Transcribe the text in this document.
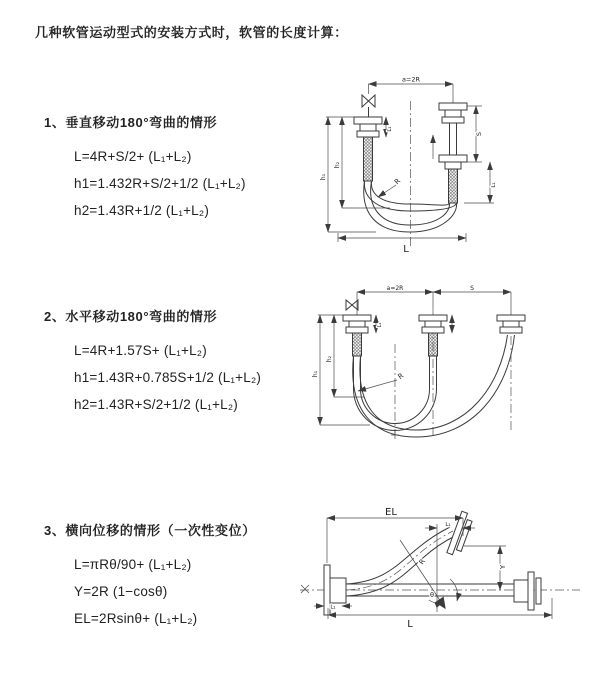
几种软管运动型式的安装方式时，软管的长度计算：
1、垂直移动180°弯曲的情形
L=4R+S/2+ (L₁+L₂)
h1=1.432R+S/2+1/2 (L₁+L₂)
h2=1.43R+1/2 (L₁+L₂)
2、水平移动180°弯曲的情形
L=4R+1.57S+ (L₁+L₂)
h1=1.43R+0.785S+1/2 (L₁+L₂)
h2=1.43R+S/2+1/2 (L₁+L₂)
3、横向位移的情形（一次性变位）
L=πRθ/90+ (L₁+L₂)
Y=2R (1−cosθ)
EL=2Rsinθ+ (L₁+L₂)
a=2R
L₁
S
L₁
R
h₂
h₁
L
a=2R	S
L₁
R
h₂
h₁
EL
L₁
Y
R
θ
L₁
L
